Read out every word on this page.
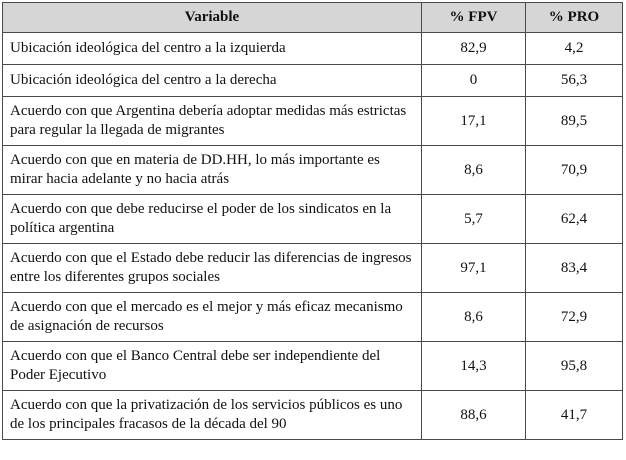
Variable	% FPV	% PRO
Ubicación ideológica del centro a la izquierda	82,9	4,2
Ubicación ideológica del centro a la derecha	0	56,3
Acuerdo con que Argentina debería adoptar medidas más estrictas para regular la llegada de migrantes	17,1	89,5
Acuerdo con que en materia de DD.HH, lo más importante es mirar hacia adelante y no hacia atrás	8,6	70,9
Acuerdo con que debe reducirse el poder de los sindicatos en la política argentina	5,7	62,4
Acuerdo con que el Estado debe reducir las diferencias de ingresos entre los diferentes grupos sociales	97,1	83,4
Acuerdo con que el mercado es el mejor y más eficaz mecanismo de asignación de recursos	8,6	72,9
Acuerdo con que el Banco Central debe ser independiente del Poder Ejecutivo	14,3	95,8
Acuerdo con que la privatización de los servicios públicos es uno de los principales fracasos de la década del 90	88,6	41,7
